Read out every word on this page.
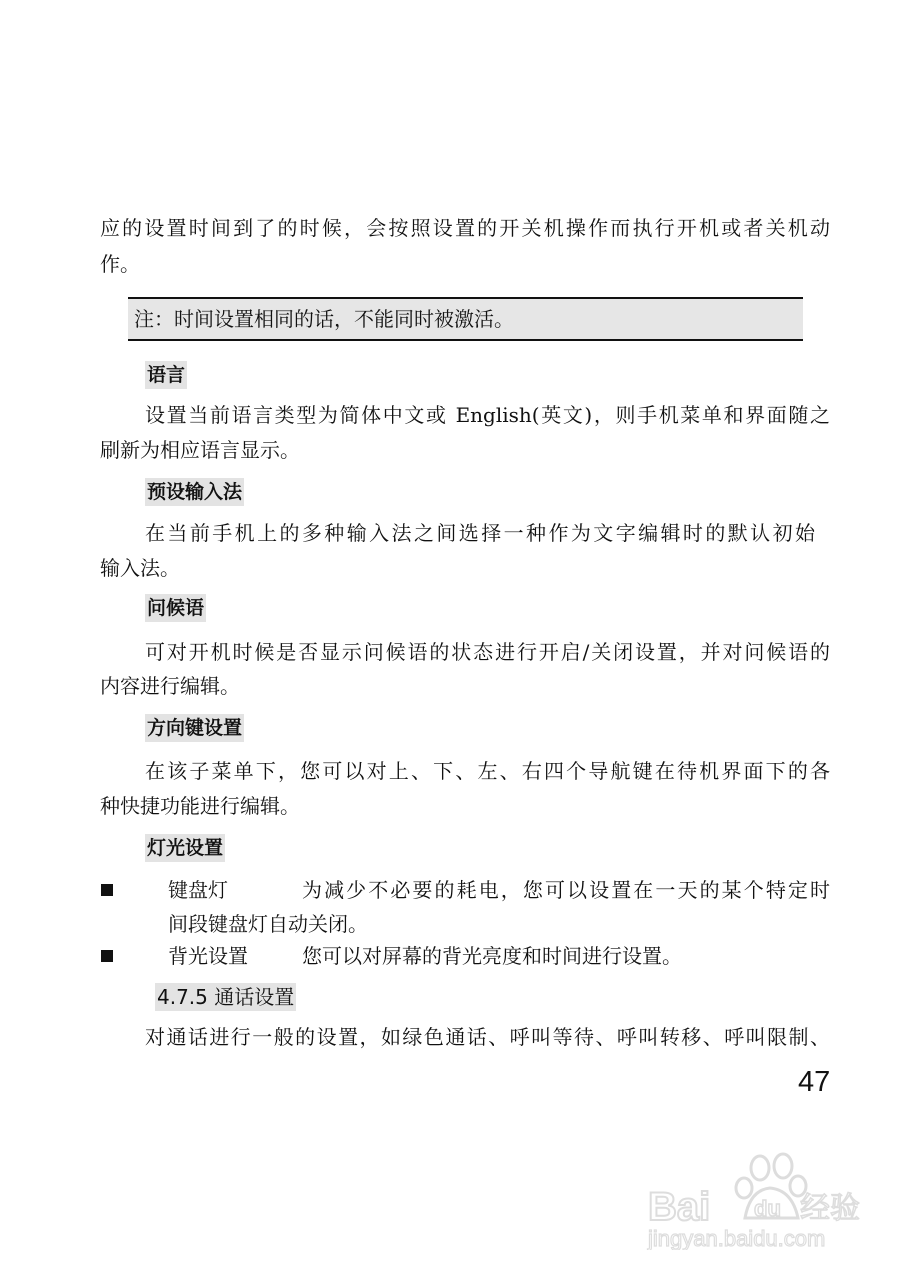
应的设置时间到了的时候，会按照设置的开关机操作而执行开机或者关机动
作。
注：时间设置相同的话，不能同时被激活。
语言
设置当前语言类型为简体中文或 English(英文)，则手机菜单和界面随之
刷新为相应语言显示。
预设输入法
在当前手机上的多种输入法之间选择一种作为文字编辑时的默认初始
输入法。
问候语
可对开机时候是否显示问候语的状态进行开启/关闭设置，并对问候语的
内容进行编辑。
方向键设置
在该子菜单下，您可以对上、下、左、右四个导航键在待机界面下的各
种快捷功能进行编辑。
灯光设置
键盘灯	为减少不必要的耗电，您可以设置在一天的某个特定时
间段键盘灯自动关闭。
背光设置	您可以对屏幕的背光亮度和时间进行设置。
4.7.5 通话设置
对通话进行一般的设置，如绿色通话、呼叫等待、呼叫转移、呼叫限制、
47
Bai du 经验
jingyan.baidu.com
